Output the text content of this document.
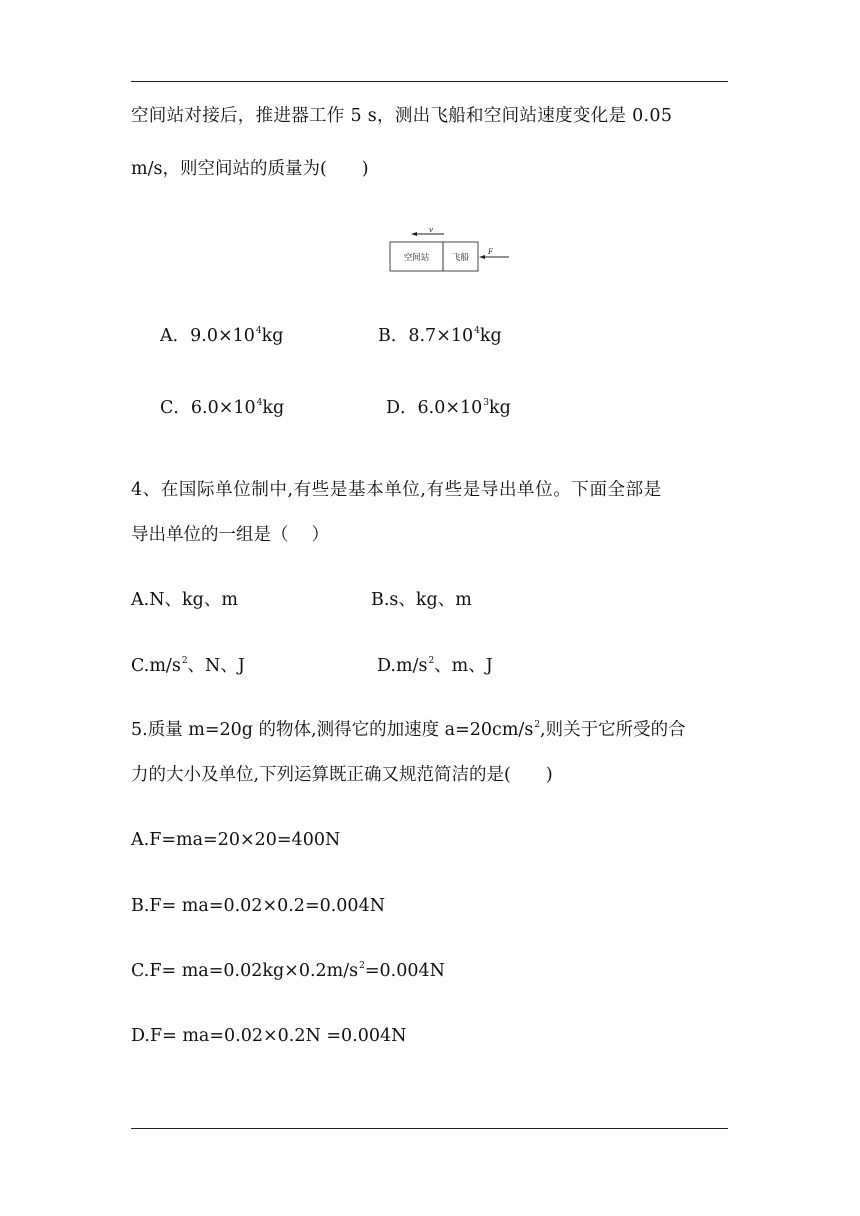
空间站对接后，推进器工作 5 s，测出飞船和空间站速度变化是 0.05
m/s，则空间站的质量为(　　)
v
空间站	飞船
F
A．$9.0\times 10^4kg$	B．$8.7\times 10^4kg$
C．$6.0\times 10^4kg$	D．$6.0\times 10^3kg$
4、在国际单位制中,有些是基本单位,有些是导出单位。下面全部是
导出单位的一组是（　 ）
A.N、kg、m	B.s、kg、m
$C.m/s^2$、N、J	$D.m/s^2$、m、J
5.质量 m=20g 的物体,测得它的加速度 $a=20cm/s^2$,则关于它所受的合
力的大小及单位,下列运算既正确又规范简洁的是(　　)
A.F=ma=20×20=400N
B.F= ma=0.02×0.2=0.004N
$C.F= ma=0.02kg\times 0.2m/s^2=0.004N$
D.F= ma=0.02×0.2N =0.004N
